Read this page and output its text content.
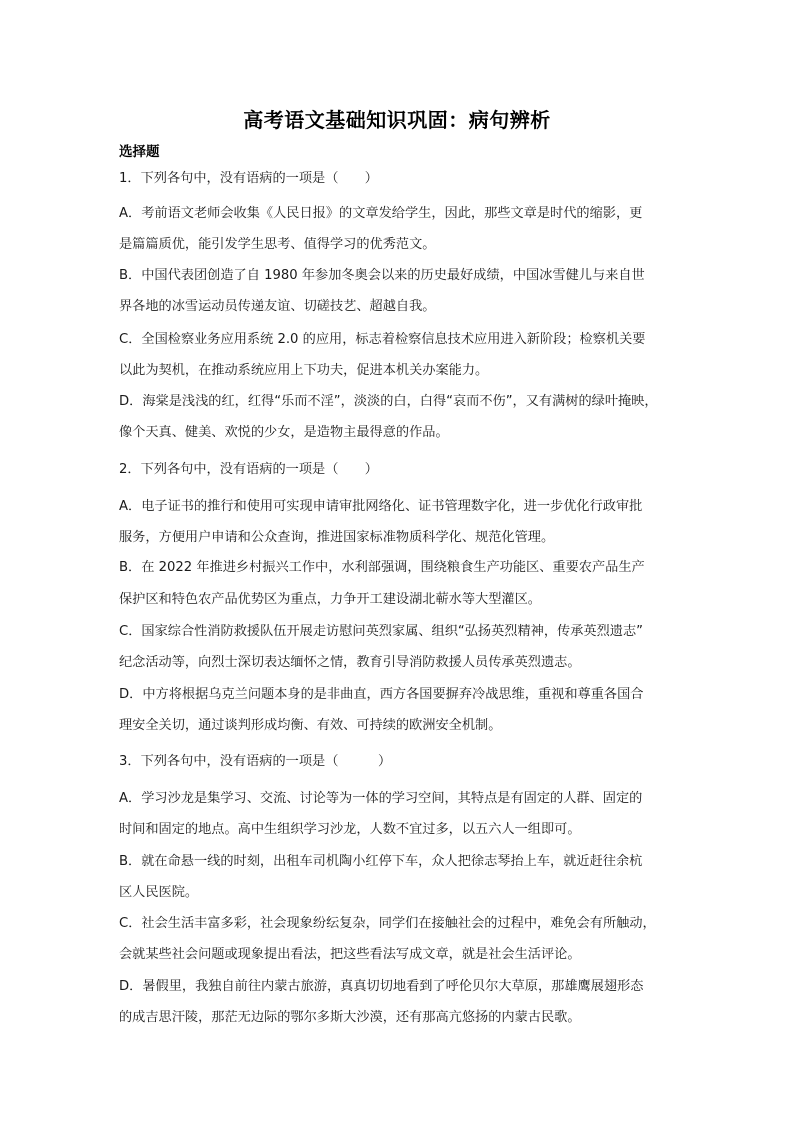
高考语文基础知识巩固：病句辨析
选择题
1．下列各句中，没有语病的一项是（　　）
A．考前语文老师会收集《人民日报》的文章发给学生，因此，那些文章是时代的缩影，更
是篇篇质优，能引发学生思考、值得学习的优秀范文。
B．中国代表团创造了自 1980 年参加冬奥会以来的历史最好成绩，中国冰雪健儿与来自世
界各地的冰雪运动员传递友谊、切磋技艺、超越自我。
C．全国检察业务应用系统 2.0 的应用，标志着检察信息技术应用进入新阶段；检察机关要
以此为契机，在推动系统应用上下功夫，促进本机关办案能力。
D．海棠是浅浅的红，红得“乐而不淫”，淡淡的白，白得“哀而不伤”，又有满树的绿叶掩映，
像个天真、健美、欢悦的少女，是造物主最得意的作品。
2．下列各句中，没有语病的一项是（　　）
A．电子证书的推行和使用可实现申请审批网络化、证书管理数字化，进一步优化行政审批
服务，方便用户申请和公众查询，推进国家标准物质科学化、规范化管理。
B．在 2022 年推进乡村振兴工作中，水利部强调，围绕粮食生产功能区、重要农产品生产
保护区和特色农产品优势区为重点，力争开工建设湖北蕲水等大型灌区。
C．国家综合性消防救援队伍开展走访慰问英烈家属、组织“弘扬英烈精神，传承英烈遗志”
纪念活动等，向烈士深切表达缅怀之情，教育引导消防救援人员传承英烈遗志。
D．中方将根据乌克兰问题本身的是非曲直，西方各国要摒弃冷战思维，重视和尊重各国合
理安全关切，通过谈判形成均衡、有效、可持续的欧洲安全机制。
3．下列各句中，没有语病的一项是（　　　）
A．学习沙龙是集学习、交流、讨论等为一体的学习空间，其特点是有固定的人群、固定的
时间和固定的地点。高中生组织学习沙龙，人数不宜过多，以五六人一组即可。
B．就在命悬一线的时刻，出租车司机陶小红停下车，众人把徐志琴抬上车，就近赶往余杭
区人民医院。
C．社会生活丰富多彩，社会现象纷纭复杂，同学们在接触社会的过程中，难免会有所触动，
会就某些社会问题或现象提出看法，把这些看法写成文章，就是社会生活评论。
D．暑假里，我独自前往内蒙古旅游，真真切切地看到了呼伦贝尔大草原，那雄鹰展翅形态
的成吉思汗陵，那茫无边际的鄂尔多斯大沙漠，还有那高亢悠扬的内蒙古民歌。
